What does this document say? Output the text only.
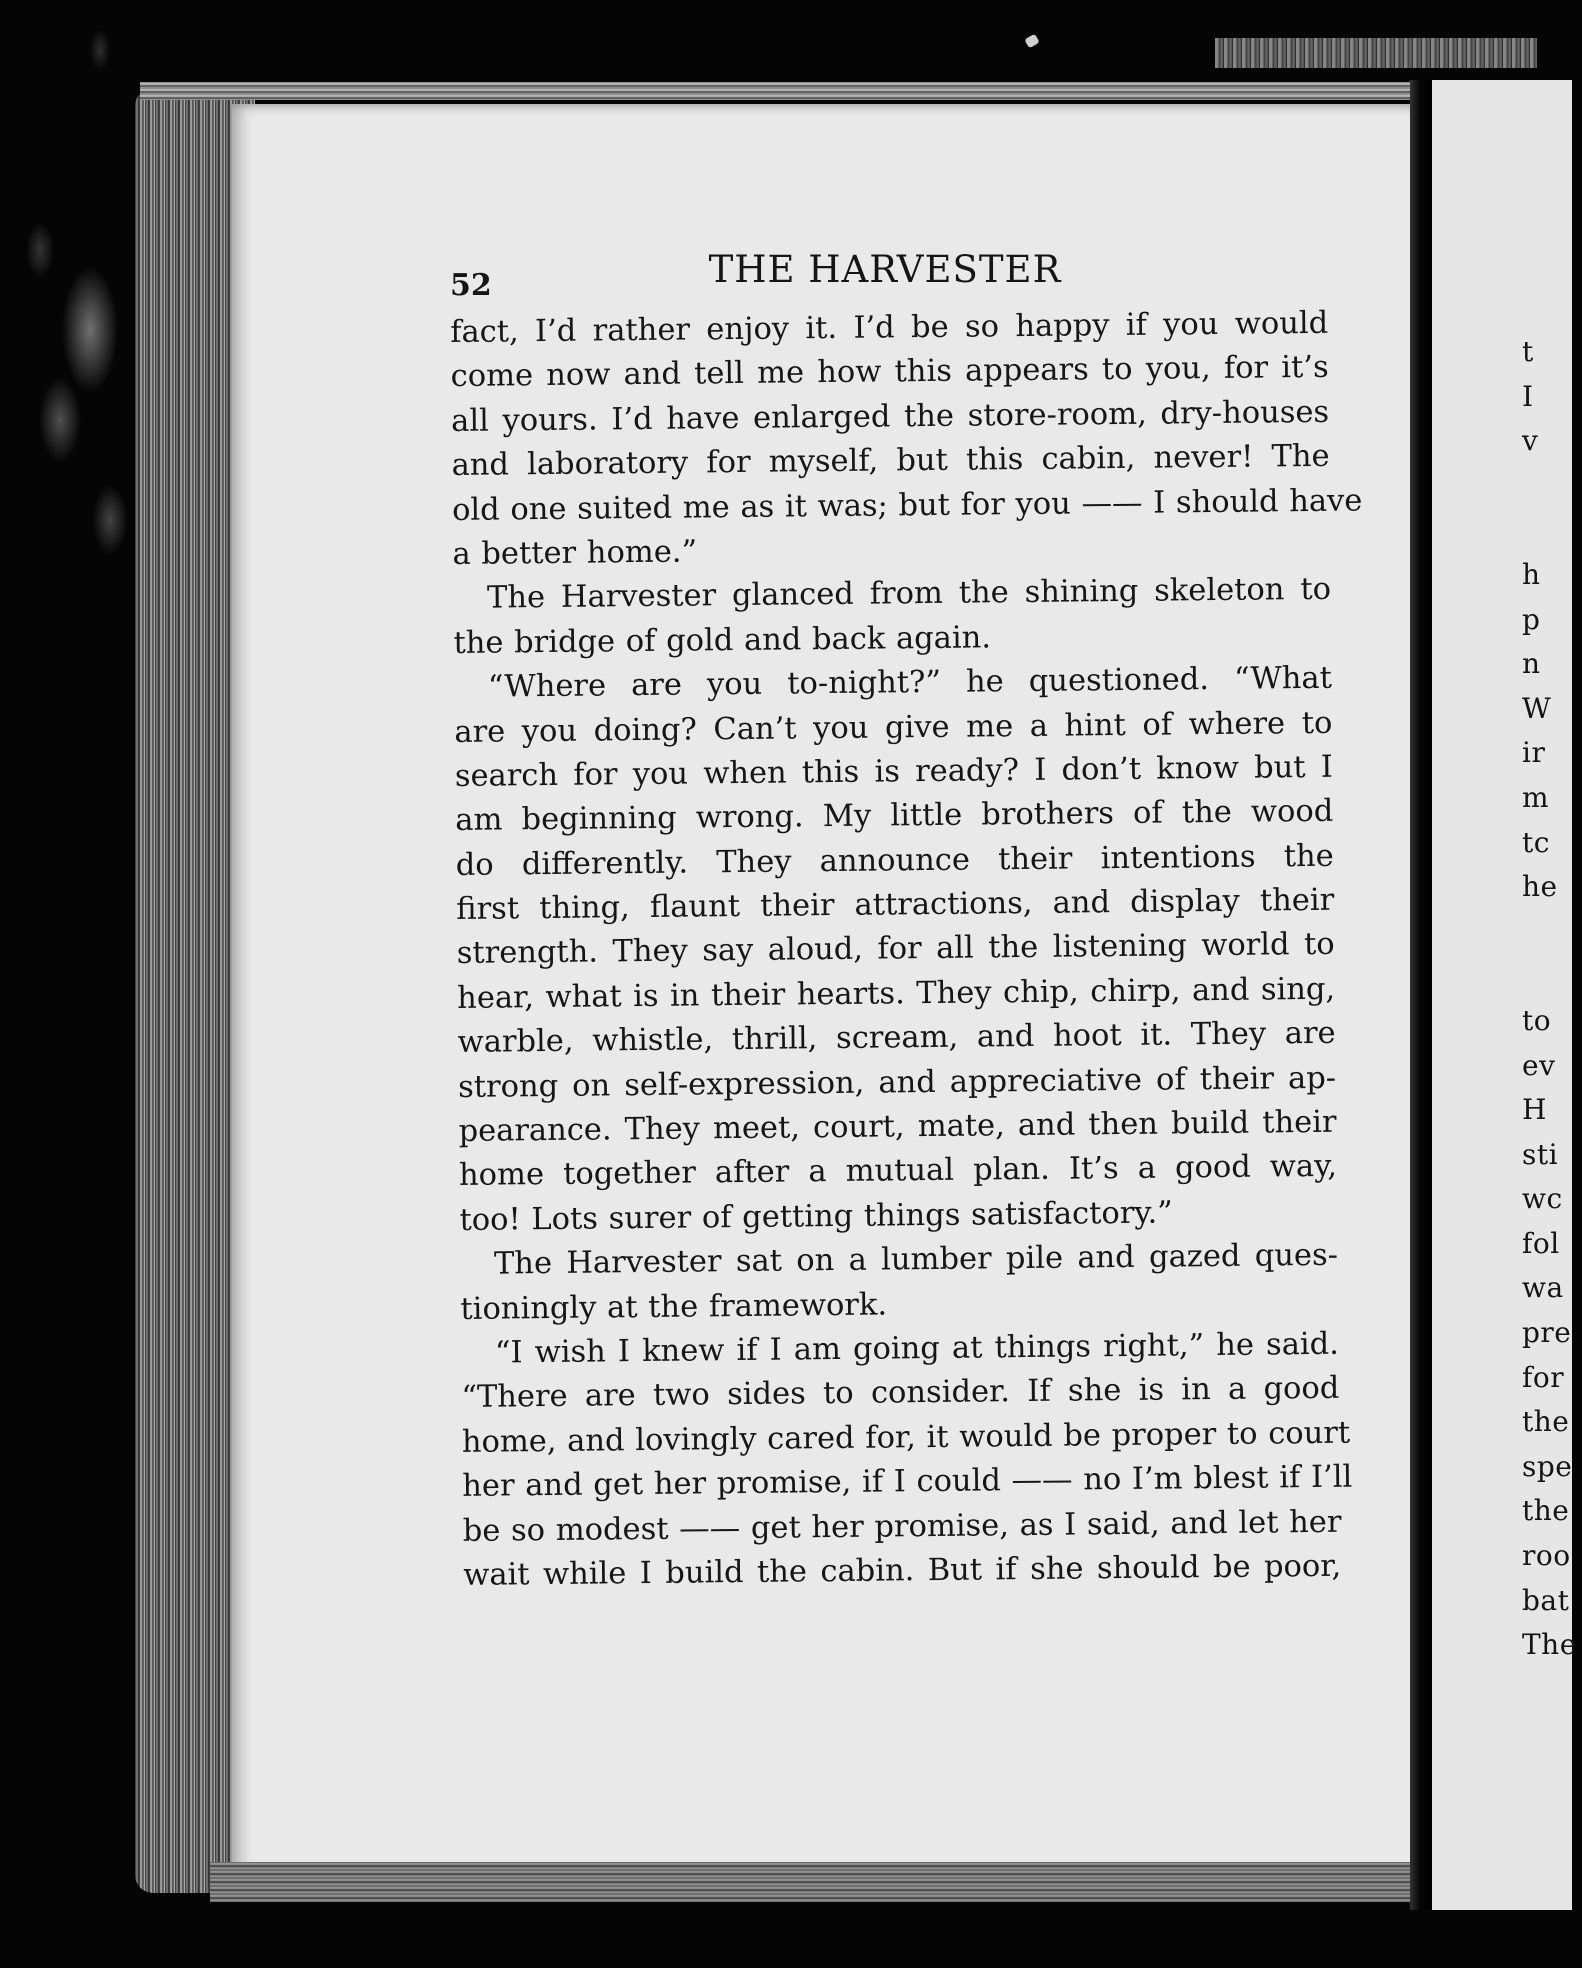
t
I
v
h
p
n
W
ir
m
tc
he
to
ev
H
sti
wc
fol
wa
pre
for
the
spe
the
roo
bat
The
52	THE HARVESTER
fact, I’d rather enjoy it. I’d be so happy if you would
come now and tell me how this appears to you, for it’s
all yours. I’d have enlarged the store-room, dry-houses
and laboratory for myself, but this cabin, never! The
old one suited me as it was; but for you —— I should have
a better home.”
The Harvester glanced from the shining skeleton to
the bridge of gold and back again.
“Where are you to-night?” he questioned. “What
are you doing? Can’t you give me a hint of where to
search for you when this is ready? I don’t know but I
am beginning wrong. My little brothers of the wood
do differently. They announce their intentions the
first thing, flaunt their attractions, and display their
strength. They say aloud, for all the listening world to
hear, what is in their hearts. They chip, chirp, and sing,
warble, whistle, thrill, scream, and hoot it. They are
strong on self-expression, and appreciative of their ap-
pearance. They meet, court, mate, and then build their
home together after a mutual plan. It’s a good way,
too! Lots surer of getting things satisfactory.”
The Harvester sat on a lumber pile and gazed ques-
tioningly at the framework.
“I wish I knew if I am going at things right,” he said.
“There are two sides to consider. If she is in a good
home, and lovingly cared for, it would be proper to court
her and get her promise, if I could —— no I’m blest if I’ll
be so modest —— get her promise, as I said, and let her
wait while I build the cabin. But if she should be poor,
